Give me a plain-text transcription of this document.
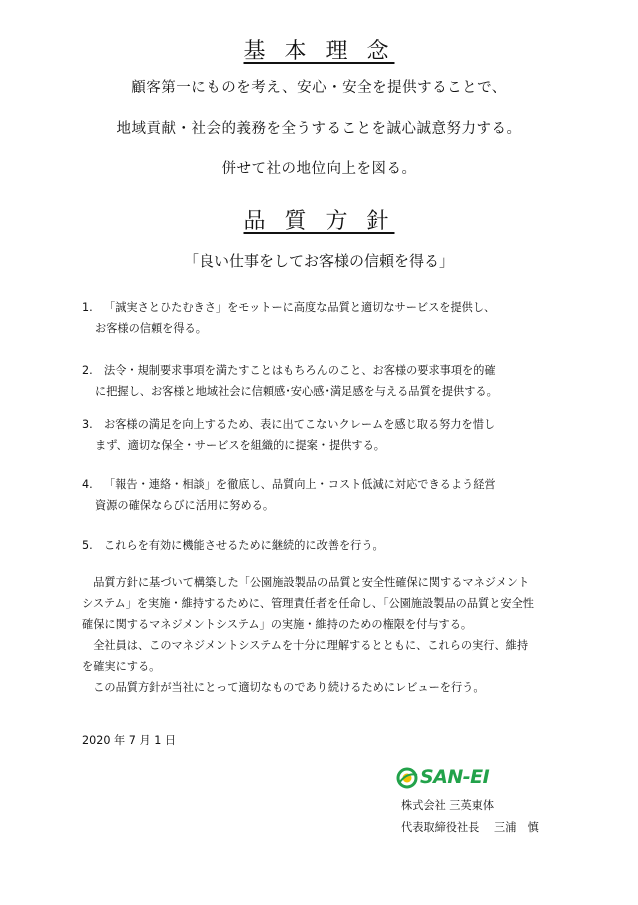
基 本 理 念
顧客第一にものを考え、安心・安全を提供することで、
地域貢献・社会的義務を全うすることを誠心誠意努力する。
併せて社の地位向上を図る。
品 質 方 針
「良い仕事をしてお客様の信頼を得る」
1. 「誠実さとひたむきさ」をモットーに高度な品質と適切なサービスを提供し、
お客様の信頼を得る。
2. 法令・規制要求事項を満たすことはもちろんのこと、お客様の要求事項を的確
に把握し、お客様と地域社会に信頼感･安心感･満足感を与える品質を提供する。
3. お客様の満足を向上するため、表に出てこないクレームを感じ取る努力を惜し
まず、適切な保全・サービスを組織的に提案・提供する。
4. 「報告・連絡・相談」を徹底し、品質向上・コスト低減に対応できるよう経営
資源の確保ならびに活用に努める。
5. これらを有効に機能させるために継続的に改善を行う。
　品質方針に基づいて構築した「公園施設製品の品質と安全性確保に関するマネジメント
システム」を実施・維持するために、管理責任者を任命し、「公園施設製品の品質と安全性
確保に関するマネジメントシステム」の実施・維持のための権限を付与する。
　全社員は、このマネジメントシステムを十分に理解するとともに、これらの実行、維持
を確実にする。
　この品質方針が当社にとって適切なものであり続けるためにレビューを行う。
2020 年 7 月 1 日
SAN-EI
株式会社 三英東体
代表取締役社長　 三浦　慎
